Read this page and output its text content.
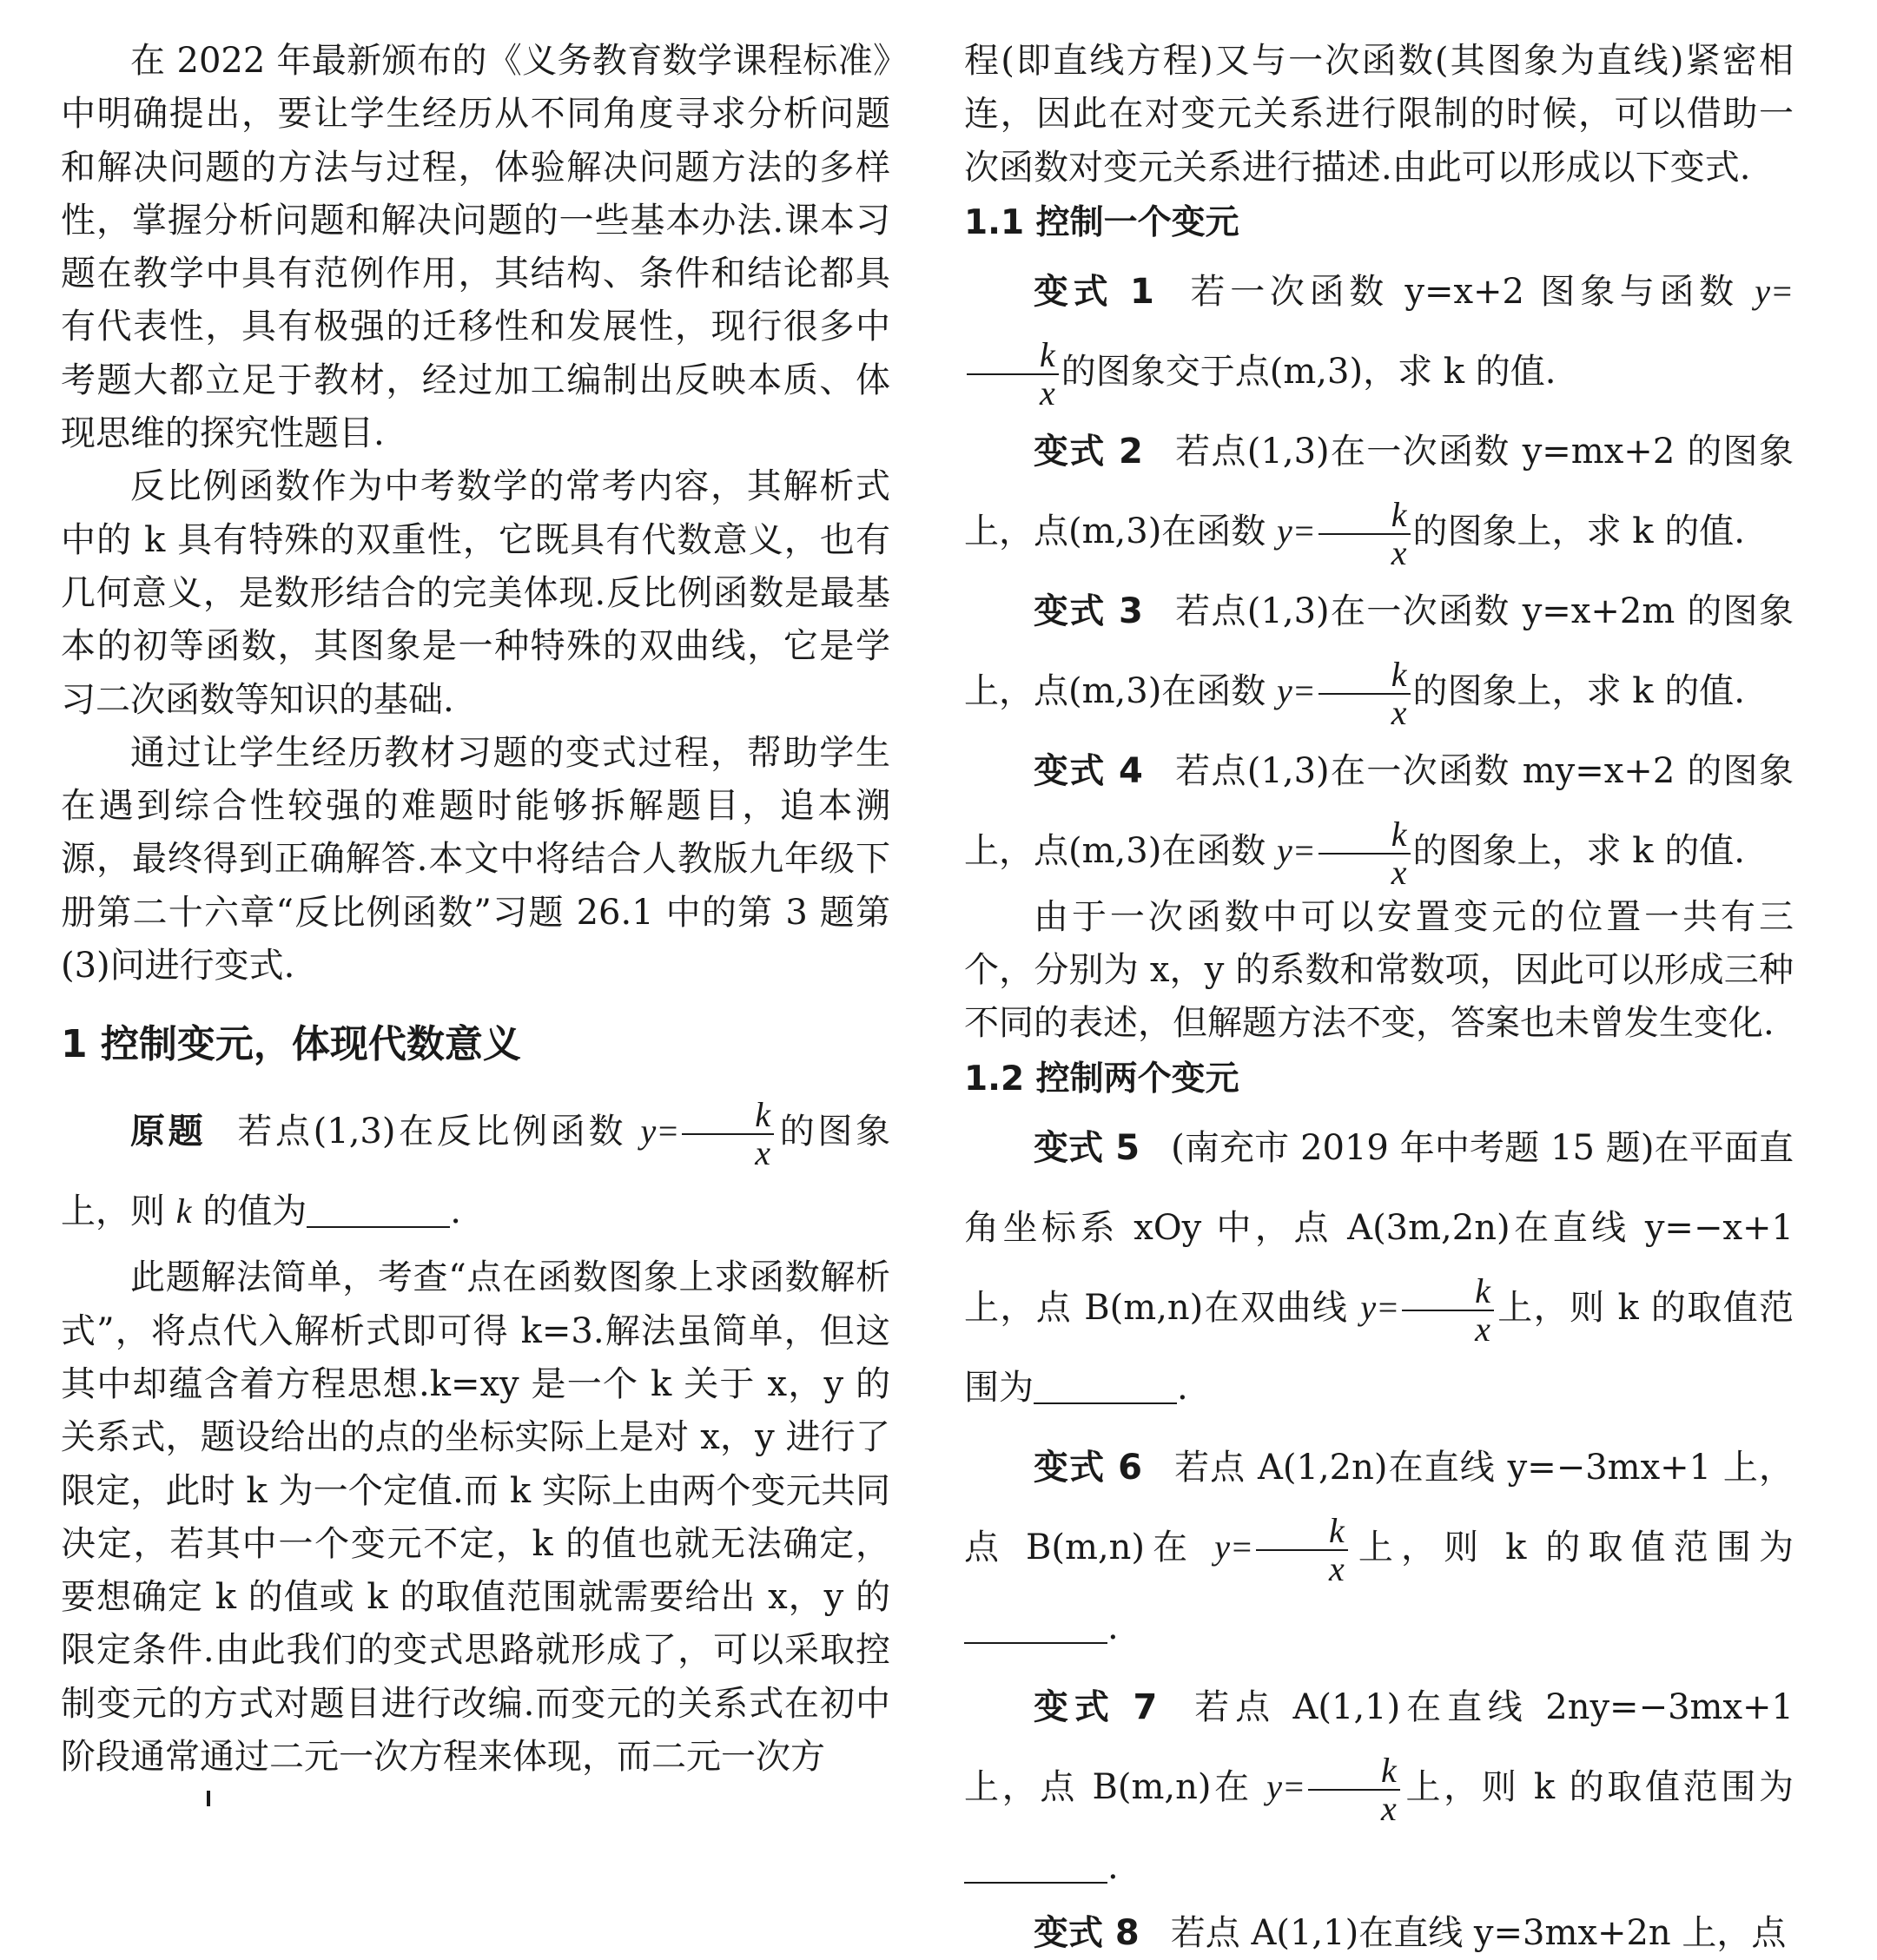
在 2022 年最新颁布的《义务教育数学课程标准》中明确提出，要让学生经历从不同角度寻求分析问题和解决问题的方法与过程，体验解决问题方法的多样性，掌握分析问题和解决问题的一些基本办法.课本习题在教学中具有范例作用，其结构、条件和结论都具有代表性，具有极强的迁移性和发展性，现行很多中考题大都立足于教材，经过加工编制出反映本质、体现思维的探究性题目.

反比例函数作为中考数学的常考内容，其解析式中的 k 具有特殊的双重性，它既具有代数意义，也有几何意义，是数形结合的完美体现.反比例函数是最基本的初等函数，其图象是一种特殊的双曲线，它是学习二次函数等知识的基础.

通过让学生经历教材习题的变式过程，帮助学生在遇到综合性较强的难题时能够拆解题目，追本溯源，最终得到正确解答.本文中将结合人教版九年级下册第二十六章“反比例函数”习题 26.1 中的第 3 题第(3)问进行变式.

1 控制变元，体现代数意义

原题 若点(1,3)在反比例函数 $y= \frac{k}{x}$ 的图象上，则 k 的值为	.

此题解法简单，考查“点在函数图象上求函数解析式”，将点代入解析式即可得 k=3.解法虽简单，但这其中却蕴含着方程思想.k=xy 是一个 k 关于 x，y 的关系式，题设给出的点的坐标实际上是对 x，y 进行了限定，此时 k 为一个定值.而 k 实际上由两个变元共同决定，若其中一个变元不定，k 的值也就无法确定，要想确定 k 的值或 k 的取值范围就需要给出 x，y 的限定条件.由此我们的变式思路就形成了，可以采取控制变元的方式对题目进行改编.而变元的关系式在初中阶段通常通过二元一次方程来体现，而二元一次方

程(即直线方程)又与一次函数(其图象为直线)紧密相连，因此在对变元关系进行限制的时候，可以借助一次函数对变元关系进行描述.由此可以形成以下变式.

1.1 控制一个变元

变式 1 若一次函数 y=x+2 图象与函数 y=
$\frac{k}{x}$ 的图象交于点(m,3)，求 k 的值.

变式 2 若点(1,3)在一次函数 y=mx+2 的图象上，点(m,3)在函数 $y= \frac{k}{x}$ 的图象上，求 k 的值.

变式 3 若点(1,3)在一次函数 y=x+2m 的图象上，点(m,3)在函数 $y= \frac{k}{x}$ 的图象上，求 k 的值.

变式 4 若点(1,3)在一次函数 my=x+2 的图象上，点(m,3)在函数 $y= \frac{k}{x}$ 的图象上，求 k 的值.

由于一次函数中可以安置变元的位置一共有三个，分别为 x，y 的系数和常数项，因此可以形成三种不同的表述，但解题方法不变，答案也未曾发生变化.

1.2 控制两个变元

变式 5 (南充市 2019 年中考题 15 题)在平面直角坐标系 xOy 中，点 A(3m,2n)在直线 y=−x+1 上，点 B(m,n)在双曲线 $y= \frac{k}{x}$ 上，则 k 的取值范围为	.

变式 6 若点 A(1,2n)在直线 y=−3mx+1 上，点 B(m,n)在 $y= \frac{k}{x}$ 上，则 k 的取值范围为.

变式 7 若点 A(1,1)在直线 2ny=−3mx+1 上，点 B(m,n)在 $y= \frac{k}{x}$ 上，则 k 的取值范围为.

变式 8 若点 A(1,1)在直线 y=3mx+2n 上，点
